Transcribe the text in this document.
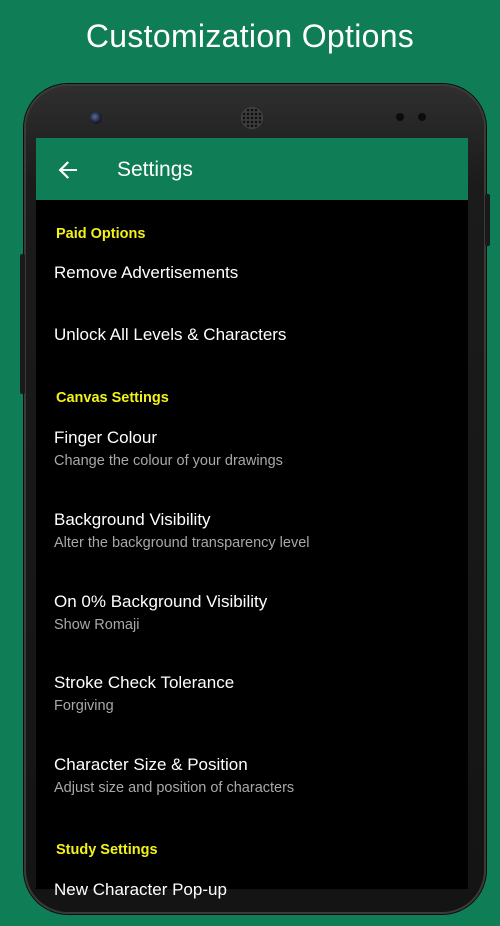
Customization Options
Settings
Paid Options
Remove Advertisements
Unlock All Levels & Characters
Canvas Settings
Finger Colour
Change the colour of your drawings
Background Visibility
Alter the background transparency level
On 0% Background Visibility
Show Romaji
Stroke Check Tolerance
Forgiving
Character Size & Position
Adjust size and position of characters
Study Settings
New Character Pop-up
